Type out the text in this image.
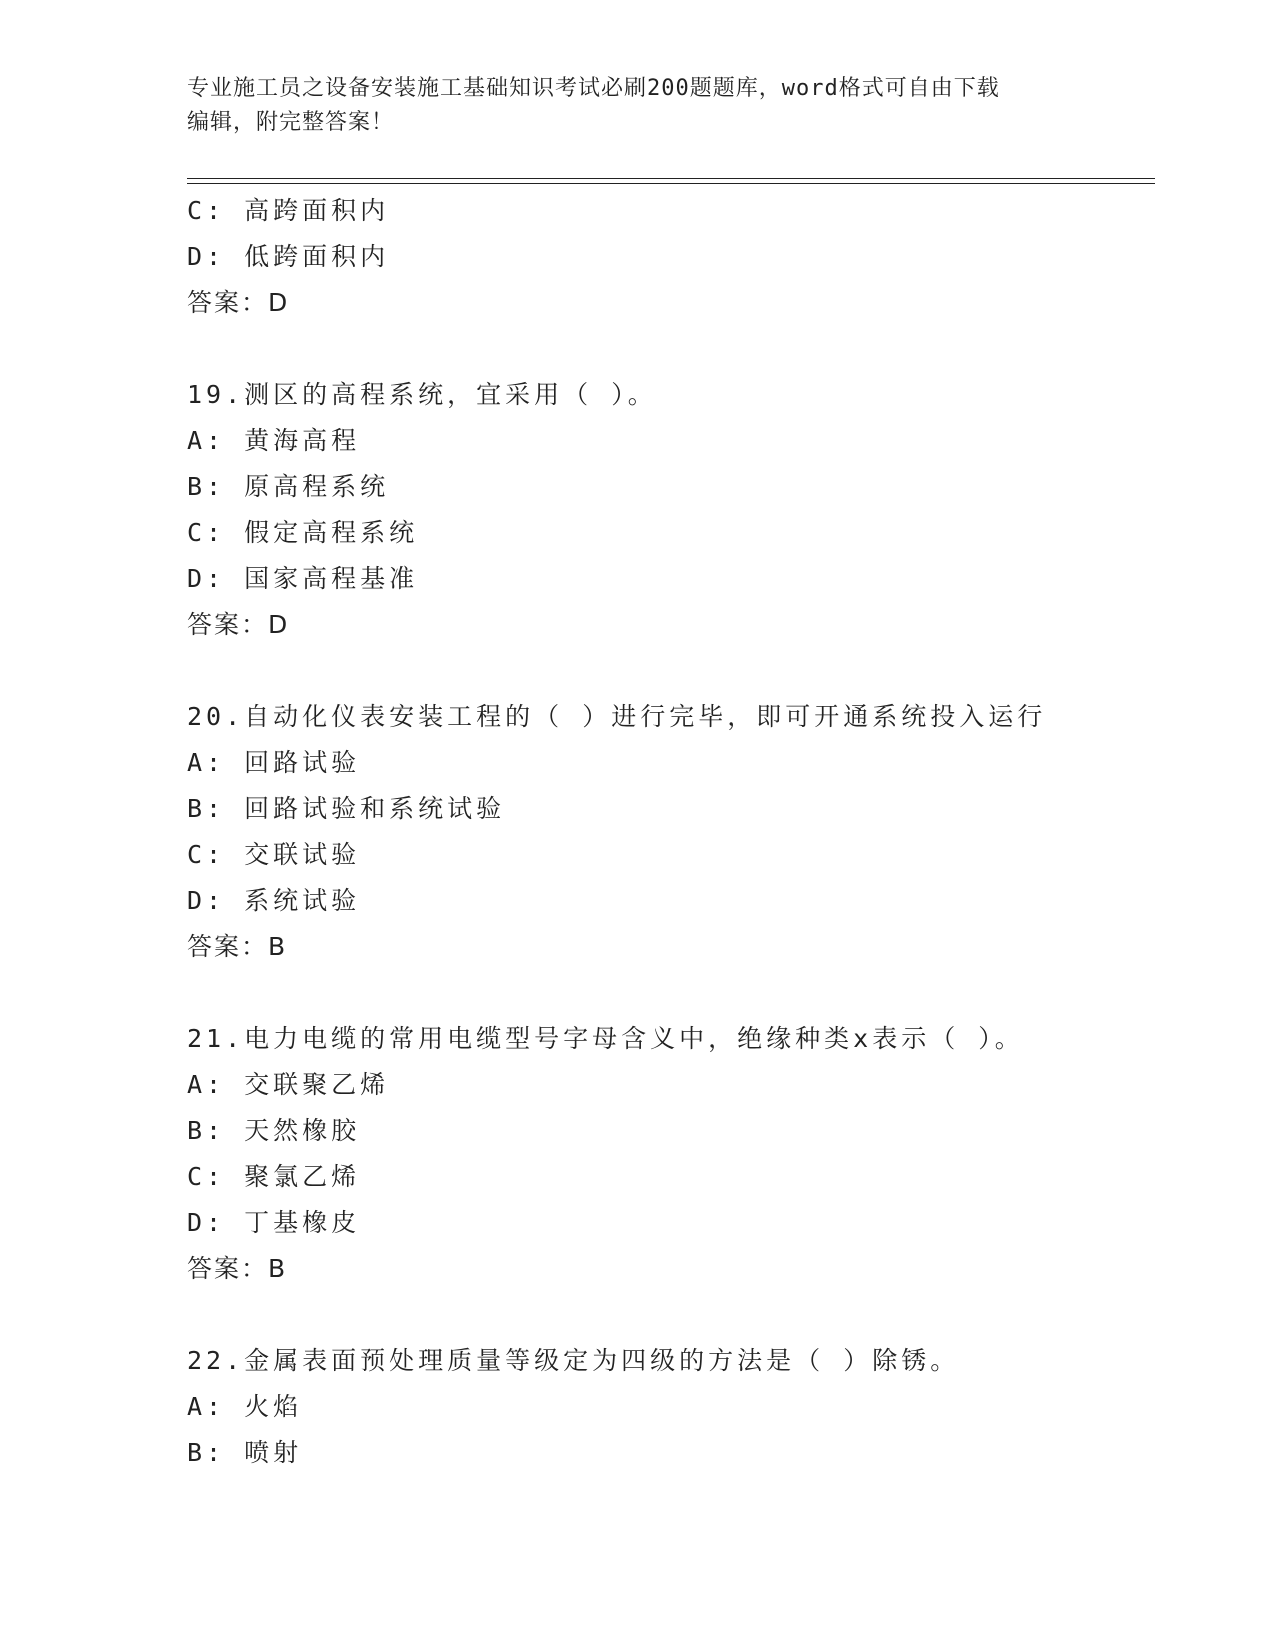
专业施工员之设备安装施工基础知识考试必刷200题题库，word格式可自由下载
编辑，附完整答案！
C: 高跨面积内
D: 低跨面积内
答案：D
19.测区的高程系统，宜采用（ ）。
A: 黄海高程
B: 原高程系统
C: 假定高程系统
D: 国家高程基准
答案：D
20.自动化仪表安装工程的（ ）进行完毕，即可开通系统投入运行
A: 回路试验
B: 回路试验和系统试验
C: 交联试验
D: 系统试验
答案：B
21.电力电缆的常用电缆型号字母含义中，绝缘种类x表示（ ）。
A: 交联聚乙烯
B: 天然橡胶
C: 聚氯乙烯
D: 丁基橡皮
答案：B
22.金属表面预处理质量等级定为四级的方法是（ ）除锈。
A: 火焰
B: 喷射
